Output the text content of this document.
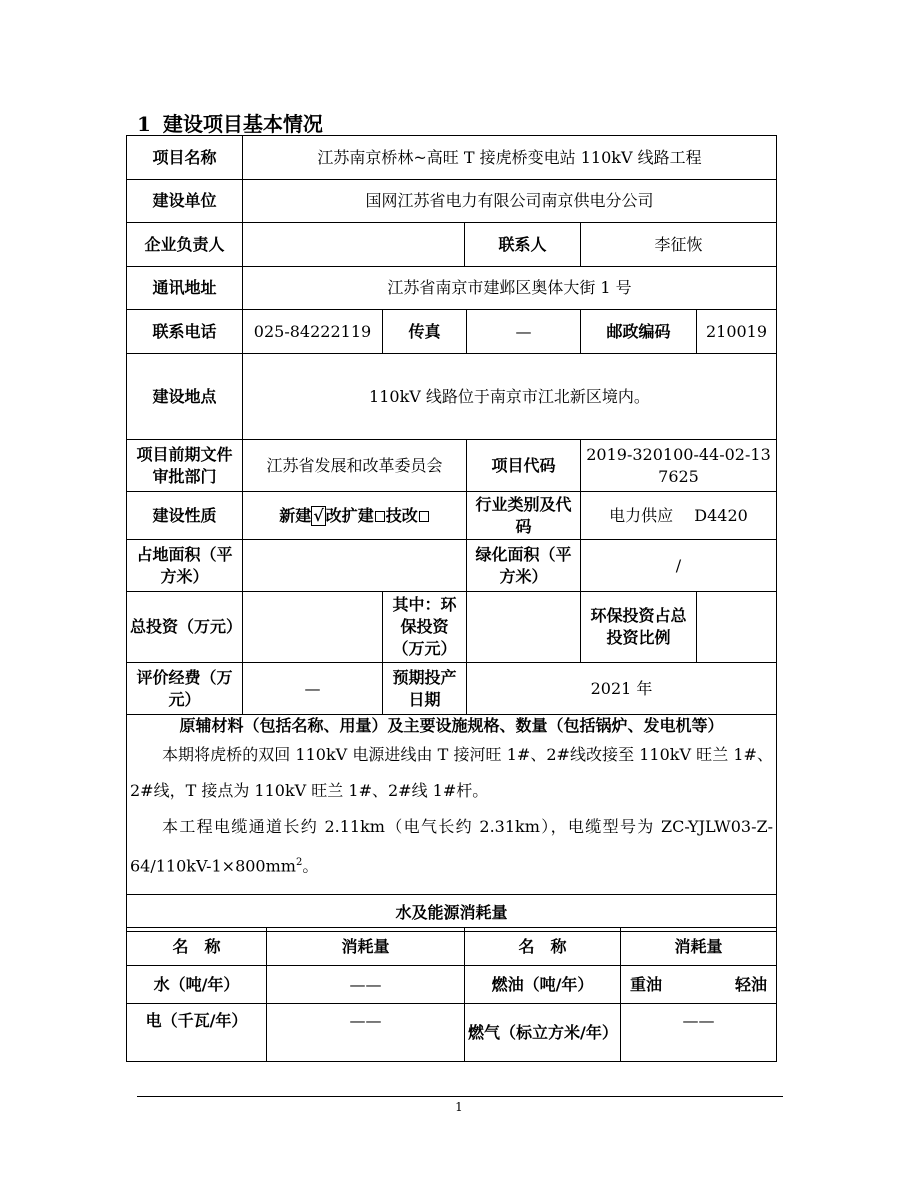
1 建设项目基本情况
项目名称	江苏南京桥林~高旺 T 接虎桥变电站 110kV 线路工程					
建设单位	国网江苏省电力有限公司南京供电分公司					
企业负责人			联系人		李征恢	
通讯地址	江苏省南京市建邺区奥体大街 1 号					
联系电话	025-84222119	传真		—	邮政编码	210019
建设地点	110kV 线路位于南京市江北新区境内。					
项目前期文件审批部门	江苏省发展和改革委员会			项目代码	2019-320100-44-02-137625	
建设性质	新建 √ 改扩建 技改			行业类别及代码	电力供应　 D4420	
占地面积（平方米）				绿化面积（平方米）	/	
总投资（万元）		其中：环保投资（万元）			环保投资占总投资比例	
评价经费（万元）	—	预期投产日期		2021 年		

原辅材料（包括名称、用量）及主要设施规格、数量（包括锅炉、发电机等）

本期将虎桥的双回 110kV 电源进线由 T 接河旺 1#、2#线改接至 110kV 旺兰 1#、2#线，T 接点为 110kV 旺兰 1#、2#线 1#杆。

本工程电缆通道长约 2.11km（电气长约 2.31km），电缆型号为 $ZC-YJLW03-Z-64/110kV-1\times 800mm^2$。						

水及能源消耗量						
名　称	消耗量	名　称	消耗量
水（吨/年）	——	燃油（吨/年）	重油 轻油

电（千瓦/年）	——	燃气（标立方米/年）	——
1
